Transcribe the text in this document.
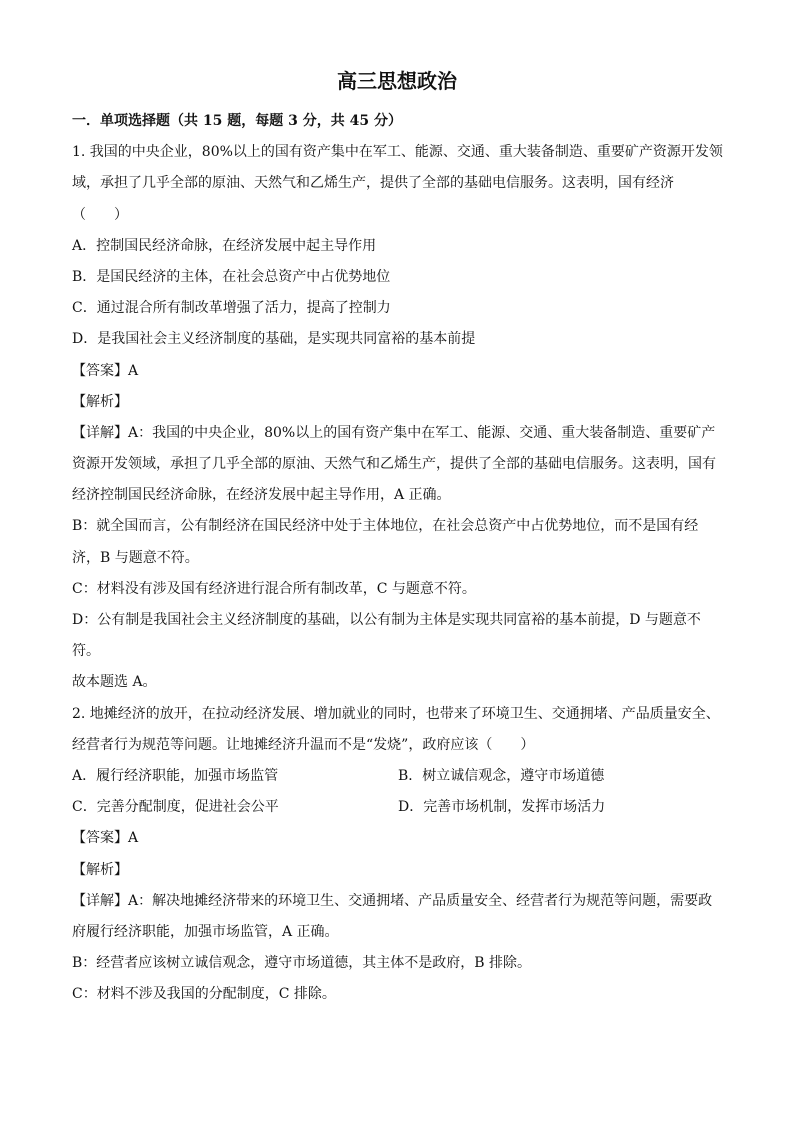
高三思想政治
一．单项选择题（共 15 题，每题 3 分，共 45 分）
1. 我国的中央企业，80%以上的国有资产集中在军工、能源、交通、重大装备制造、重要矿产资源开发领
域，承担了几乎全部的原油、天然气和乙烯生产，提供了全部的基础电信服务。这表明，国有经济
（　　）
A．控制国民经济命脉，在经济发展中起主导作用
B．是国民经济的主体，在社会总资产中占优势地位
C．通过混合所有制改革增强了活力，提高了控制力
D．是我国社会主义经济制度的基础，是实现共同富裕的基本前提
【答案】A
【解析】
【详解】A：我国的中央企业，80%以上的国有资产集中在军工、能源、交通、重大装备制造、重要矿产
资源开发领域，承担了几乎全部的原油、天然气和乙烯生产，提供了全部的基础电信服务。这表明，国有
经济控制国民经济命脉，在经济发展中起主导作用，A 正确。
B：就全国而言，公有制经济在国民经济中处于主体地位，在社会总资产中占优势地位，而不是国有经
济，B 与题意不符。
C：材料没有涉及国有经济进行混合所有制改革，C 与题意不符。
D：公有制是我国社会主义经济制度的基础，以公有制为主体是实现共同富裕的基本前提，D 与题意不
符。
故本题选 A。
2. 地摊经济的放开，在拉动经济发展、增加就业的同时，也带来了环境卫生、交通拥堵、产品质量安全、
经营者行为规范等问题。让地摊经济升温而不是“发烧”，政府应该（　　）
A．履行经济职能，加强市场监管	B．树立诚信观念，遵守市场道德
C．完善分配制度，促进社会公平	D．完善市场机制，发挥市场活力
【答案】A
【解析】
【详解】A：解决地摊经济带来的环境卫生、交通拥堵、产品质量安全、经营者行为规范等问题，需要政
府履行经济职能，加强市场监管，A 正确。
B：经营者应该树立诚信观念，遵守市场道德，其主体不是政府，B 排除。
C：材料不涉及我国的分配制度，C 排除。
